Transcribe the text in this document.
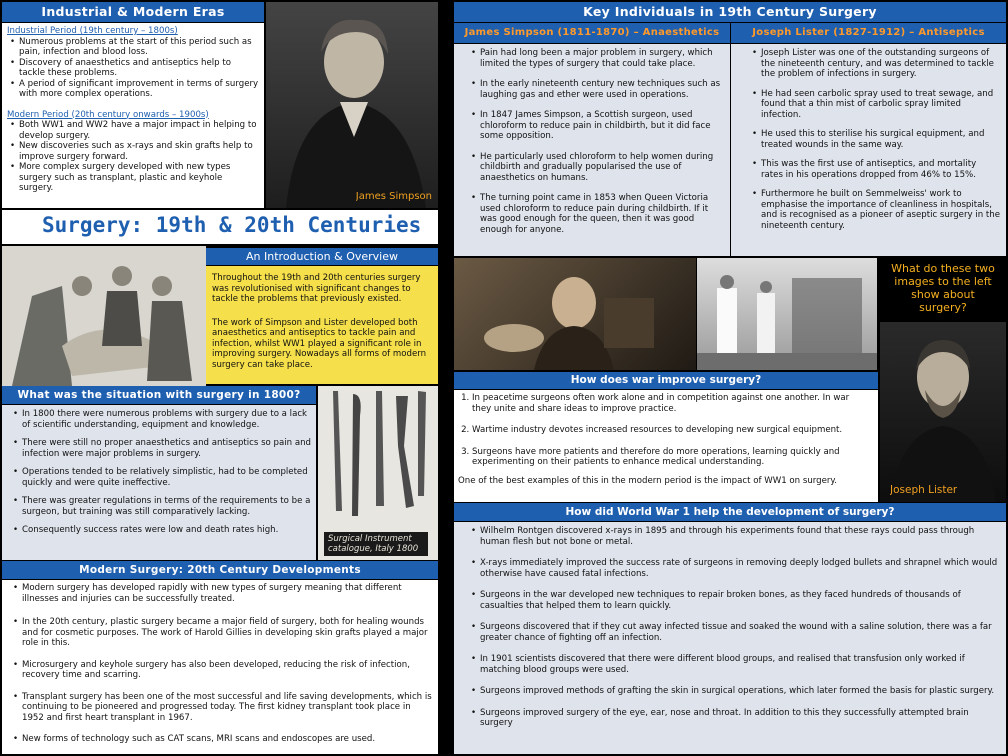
Industrial & Modern Eras
Industrial Period (19th century – 1800s)
• Numerous problems at the start of this period such as pain, infection and blood loss.
• Discovery of anaesthetics and antiseptics help to tackle these problems.
• A period of significant improvement in terms of surgery with more complex operations.
Modern Period (20th century onwards – 1900s)
• Both WW1 and WW2 have a major impact in helping to develop surgery.
• New discoveries such as x-rays and skin grafts help to improve surgery forward.
• More complex surgery developed with new types surgery such as transplant, plastic and keyhole surgery.
James Simpson
Surgery: 19th & 20th Centuries
An Introduction & Overview

Throughout the 19th and 20th centuries surgery was revolutionised with significant changes to tackle the problems that previously existed.

The work of Simpson and Lister developed both anaesthetics and antiseptics to tackle pain and infection, whilst WW1 played a significant role in improving surgery. Nowadays all forms of modern surgery can take place.

What was the situation with surgery in 1800?
• In 1800 there were numerous problems with surgery due to a lack of scientific understanding, equipment and knowledge.
• There were still no proper anaesthetics and antiseptics so pain and infection were major problems in surgery.
• Operations tended to be relatively simplistic, had to be completed quickly and were quite ineffective.
• There was greater regulations in terms of the requirements to be a surgeon, but training was still comparatively lacking.
• Consequently success rates were low and death rates high.
Surgical Instrument catalogue, Italy 1800
Modern Surgery: 20th Century Developments
• Modern surgery has developed rapidly with new types of surgery meaning that different illnesses and injuries can be successfully treated.
• In the 20th century, plastic surgery became a major field of surgery, both for healing wounds and for cosmetic purposes. The work of Harold Gillies in developing skin grafts played a major role in this.
• Microsurgery and keyhole surgery has also been developed, reducing the risk of infection, recovery time and scarring.
• Transplant surgery has been one of the most successful and life saving developments, which is continuing to be pioneered and progressed today. The first kidney transplant took place in 1952 and first heart transplant in 1967.
• New forms of technology such as CAT scans, MRI scans and endoscopes are used.
Key Individuals in 19th Century Surgery
James Simpson (1811-1870) – Anaesthetics	Joseph Lister (1827-1912) – Antiseptics
• Pain had long been a major problem in surgery, which limited the types of surgery that could take place.
• In the early nineteenth century new techniques such as laughing gas and ether were used in operations.
• In 1847 James Simpson, a Scottish surgeon, used chloroform to reduce pain in childbirth, but it did face some opposition.
• He particularly used chloroform to help women during childbirth and gradually popularised the use of anaesthetics on humans.
• The turning point came in 1853 when Queen Victoria used chloroform to reduce pain during childbirth. If it was good enough for the queen, then it was good enough for anyone.
• Joseph Lister was one of the outstanding surgeons of the nineteenth century, and was determined to tackle the problem of infections in surgery.
• He had seen carbolic spray used to treat sewage, and found that a thin mist of carbolic spray limited infection.
• He used this to sterilise his surgical equipment, and treated wounds in the same way.
• This was the first use of antiseptics, and mortality rates in his operations dropped from 46% to 15%.
• Furthermore he built on Semmelweiss' work to emphasise the importance of cleanliness in hospitals, and is recognised as a pioneer of aseptic surgery in the nineteenth century.
What do these two images to the left show about surgery?
How does war improve surgery?
1. In peacetime surgeons often work alone and in competition against one another. In war they unite and share ideas to improve practice.
2. Wartime industry devotes increased resources to developing new surgical equipment.
3. Surgeons have more patients and therefore do more operations, learning quickly and experimenting on their patients to enhance medical understanding.
One of the best examples of this in the modern period is the impact of WW1 on surgery.
Joseph Lister
How did World War 1 help the development of surgery?
• Wilhelm Rontgen discovered x-rays in 1895 and through his experiments found that these rays could pass through human flesh but not bone or metal.
• X-rays immediately improved the success rate of surgeons in removing deeply lodged bullets and shrapnel which would otherwise have caused fatal infections.
• Surgeons in the war developed new techniques to repair broken bones, as they faced hundreds of thousands of casualties that helped them to learn quickly.
• Surgeons discovered that if they cut away infected tissue and soaked the wound with a saline solution, there was a far greater chance of fighting off an infection.
• In 1901 scientists discovered that there were different blood groups, and realised that transfusion only worked if matching blood groups were used.
• Surgeons improved methods of grafting the skin in surgical operations, which later formed the basis for plastic surgery.
• Surgeons improved surgery of the eye, ear, nose and throat. In addition to this they successfully attempted brain surgery
